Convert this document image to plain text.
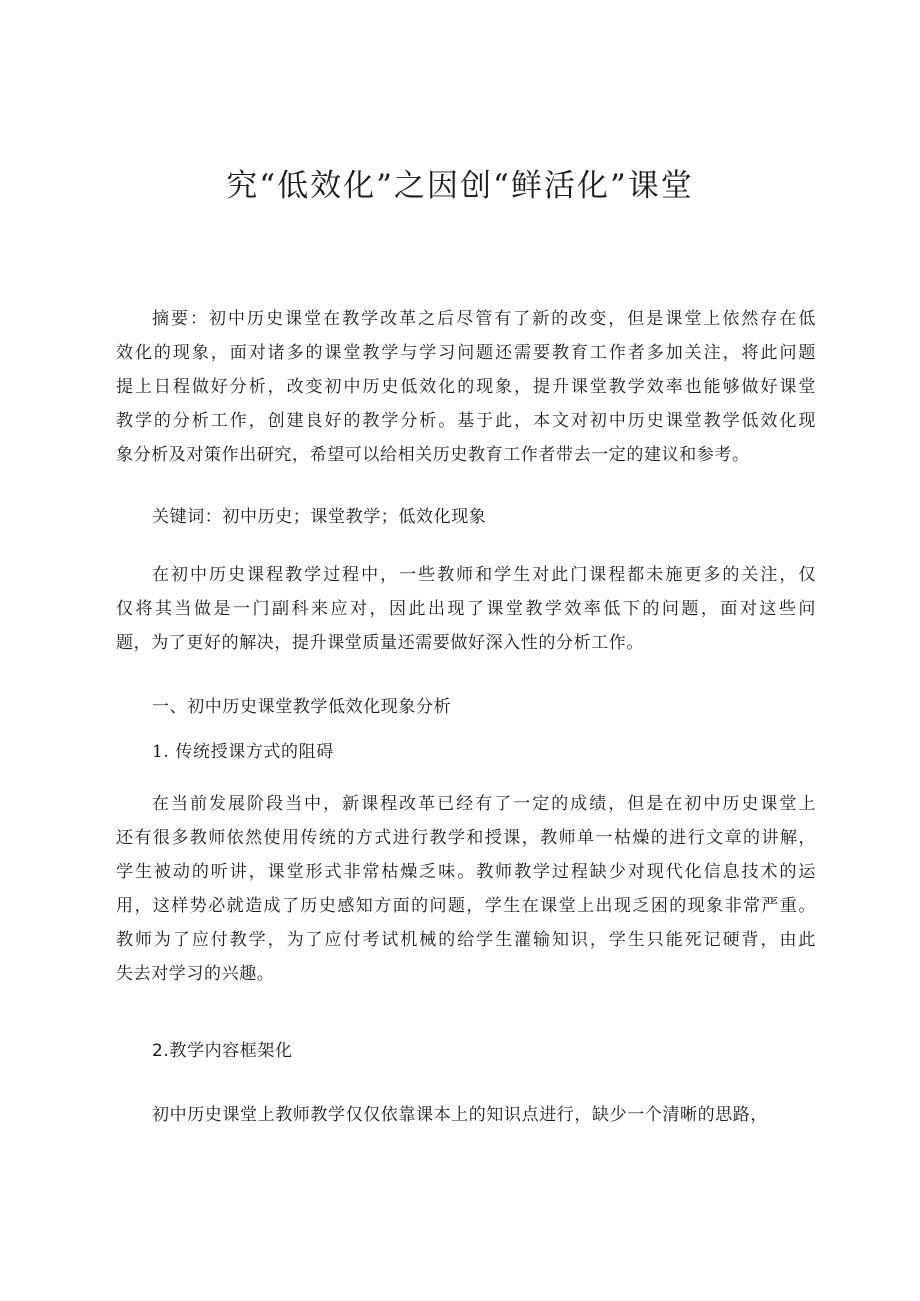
究“低效化”之因创“鲜活化”课堂
摘要：初中历史课堂在教学改革之后尽管有了新的改变，但是课堂上依然存在低
效化的现象，面对诸多的课堂教学与学习问题还需要教育工作者多加关注，将此问题
提上日程做好分析，改变初中历史低效化的现象，提升课堂教学效率也能够做好课堂
教学的分析工作，创建良好的教学分析。基于此，本文对初中历史课堂教学低效化现
象分析及对策作出研究，希望可以给相关历史教育工作者带去一定的建议和参考。

关键词：初中历史；课堂教学；低效化现象

在初中历史课程教学过程中，一些教师和学生对此门课程都未施更多的关注，仅
仅将其当做是一门副科来应对，因此出现了课堂教学效率低下的问题，面对这些问
题，为了更好的解决，提升课堂质量还需要做好深入性的分析工作。

一、初中历史课堂教学低效化现象分析

1. 传统授课方式的阻碍

在当前发展阶段当中，新课程改革已经有了一定的成绩，但是在初中历史课堂上
还有很多教师依然使用传统的方式进行教学和授课，教师单一枯燥的进行文章的讲解，
学生被动的听讲，课堂形式非常枯燥乏味。教师教学过程缺少对现代化信息技术的运
用，这样势必就造成了历史感知方面的问题，学生在课堂上出现乏困的现象非常严重。
教师为了应付教学，为了应付考试机械的给学生灌输知识，学生只能死记硬背，由此
失去对学习的兴趣。

2.教学内容框架化

初中历史课堂上教师教学仅仅依靠课本上的知识点进行，缺少一个清晰的思路，
